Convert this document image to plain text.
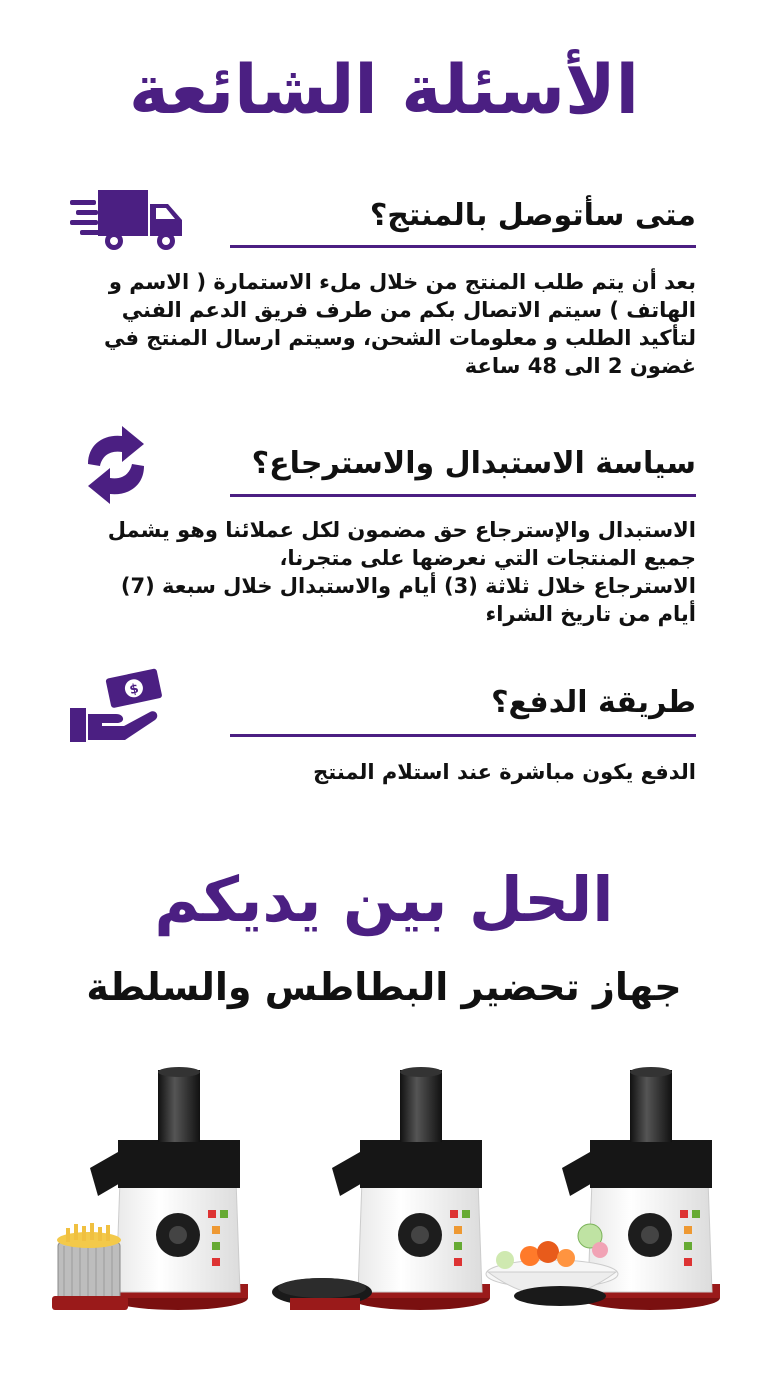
الأسئلة الشائعة
متى سأتوصل بالمنتج؟
بعد أن يتم طلب المنتج من خلال ملء الاستمارة ( الاسم و الهاتف ) سيتم الاتصال بكم من طرف فريق الدعم الفني لتأكيد الطلب و معلومات الشحن، وسيتم ارسال المنتج في غضون 2 الى 48 ساعة
سياسة الاستبدال والاسترجاع؟
الاستبدال والإسترجاع حق مضمون لكل عملائنا وهو يشمل جميع المنتجات التي نعرضها على متجرنا،
الاسترجاع خلال ثلاثة (3) أيام والاستبدال خلال سبعة (7) أيام من تاريخ الشراء
$	طريقة الدفع؟
الدفع يكون مباشرة عند استلام المنتج
الحل بين يديكم
جهاز تحضير البطاطس والسلطة
